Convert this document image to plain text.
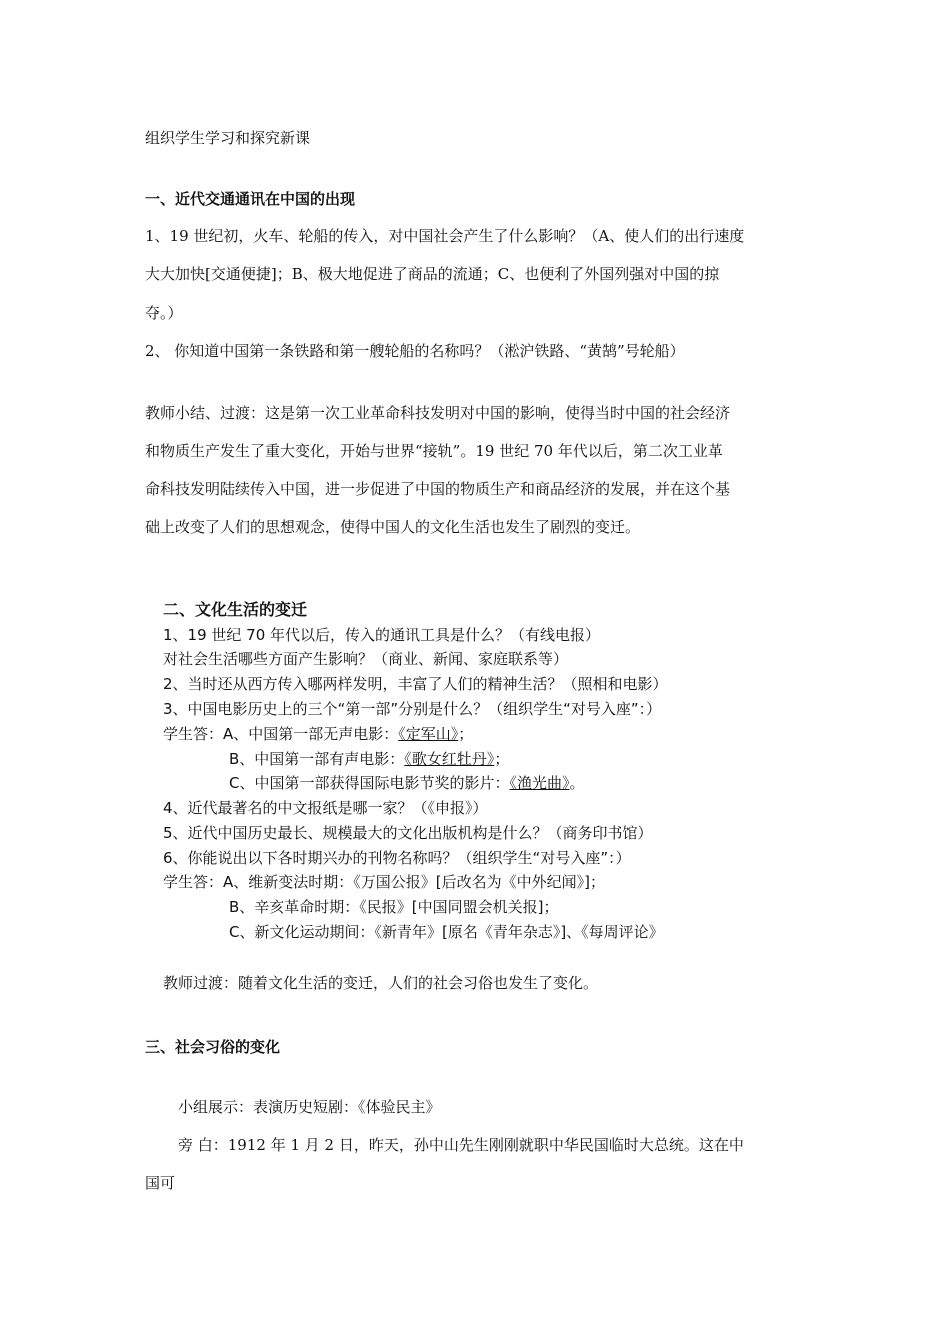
组织学生学习和探究新课
一、近代交通通讯在中国的出现
1、19 世纪初，火车、轮船的传入，对中国社会产生了什么影响？（A、使人们的出行速度
大大加快[交通便捷]；B、极大地促进了商品的流通；C、也便利了外国列强对中国的掠
夺。）
2、 你知道中国第一条铁路和第一艘轮船的名称吗？（淞沪铁路、“黄鹄”号轮船）
教师小结、过渡：这是第一次工业革命科技发明对中国的影响，使得当时中国的社会经济
和物质生产发生了重大变化，开始与世界“接轨”。19 世纪 70 年代以后，第二次工业革
命科技发明陆续传入中国，进一步促进了中国的物质生产和商品经济的发展，并在这个基
础上改变了人们的思想观念，使得中国人的文化生活也发生了剧烈的变迁。
二、文化生活的变迁
1、19 世纪 70 年代以后，传入的通讯工具是什么？（有线电报）
对社会生活哪些方面产生影响？（商业、新闻、家庭联系等）
2、当时还从西方传入哪两样发明，丰富了人们的精神生活？（照相和电影）
3、中国电影历史上的三个“第一部”分别是什么？（组织学生“对号入座”：）
学生答：A、中国第一部无声电影：《定军山》；
B、中国第一部有声电影：《歌女红牡丹》；
C、中国第一部获得国际电影节奖的影片：《渔光曲》。
4、近代最著名的中文报纸是哪一家？（《申报》）
5、近代中国历史最长、规模最大的文化出版机构是什么？（商务印书馆）
6、你能说出以下各时期兴办的刊物名称吗？（组织学生“对号入座”：）
学生答：A、维新变法时期：《万国公报》[后改名为《中外纪闻》]；
B、辛亥革命时期：《民报》[中国同盟会机关报]；
C、新文化运动期间：《新青年》[原名《青年杂志》]、《每周评论》
教师过渡：随着文化生活的变迁，人们的社会习俗也发生了变化。
三、社会习俗的变化
小组展示：表演历史短剧：《体验民主》
旁 白：1912 年 1 月 2 日，昨天，孙中山先生刚刚就职中华民国临时大总统。这在中
国可
